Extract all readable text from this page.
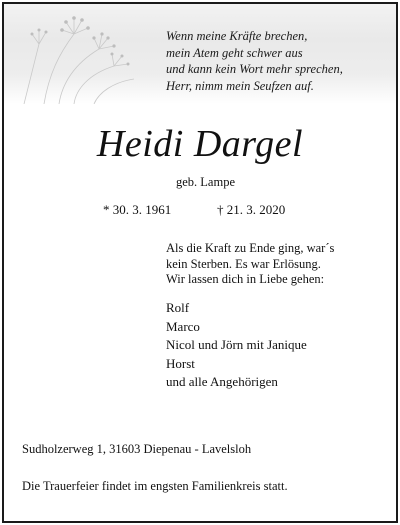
Wenn meine Kräfte brechen,
mein Atem geht schwer aus
und kann kein Wort mehr sprechen,
Herr, nimm mein Seufzen auf.
Heidi Dargel
geb. Lampe
* 30. 3. 1961	† 21. 3. 2020
Als die Kraft zu Ende ging, war´s
kein Sterben. Es war Erlösung.
Wir lassen dich in Liebe gehen:
Rolf
Marco
Nicol und Jörn mit Janique
Horst
und alle Angehörigen
Sudholzerweg 1, 31603 Diepenau - Lavelsloh
Die Trauerfeier findet im engsten Familienkreis statt.
